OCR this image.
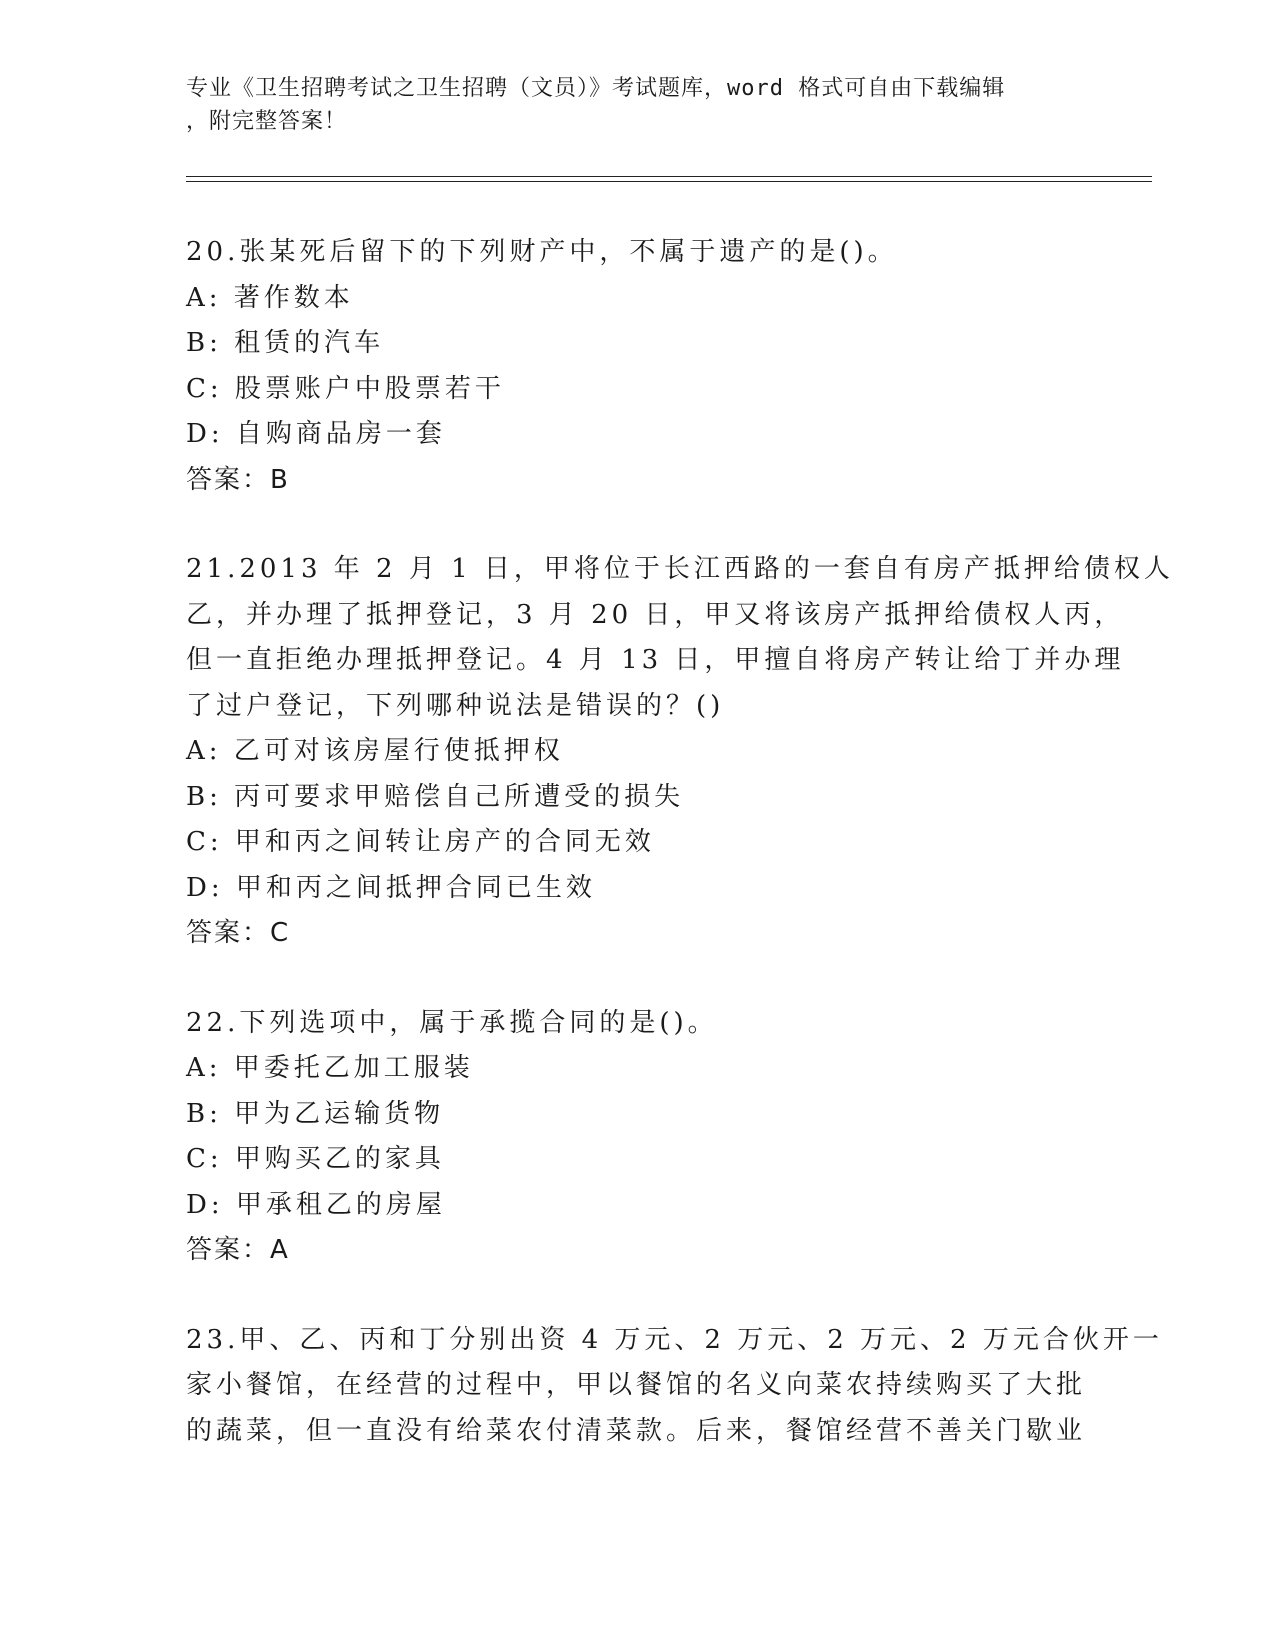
专业《卫生招聘考试之卫生招聘（文员）》考试题库，word 格式可自由下载编辑
，附完整答案！
20.张某死后留下的下列财产中，不属于遗产的是()。
A: 著作数本
B: 租赁的汽车
C: 股票账户中股票若干
D: 自购商品房一套
答案：B
21.2013 年 2 月 1 日，甲将位于长江西路的一套自有房产抵押给债权人
乙，并办理了抵押登记，3 月 20 日，甲又将该房产抵押给债权人丙，
但一直拒绝办理抵押登记。4 月 13 日，甲擅自将房产转让给丁并办理
了过户登记，下列哪种说法是错误的？()
A: 乙可对该房屋行使抵押权
B: 丙可要求甲赔偿自己所遭受的损失
C: 甲和丙之间转让房产的合同无效
D: 甲和丙之间抵押合同已生效
答案：C
22.下列选项中，属于承揽合同的是()。
A: 甲委托乙加工服装
B: 甲为乙运输货物
C: 甲购买乙的家具
D: 甲承租乙的房屋
答案：A
23.甲、乙、丙和丁分别出资 4 万元、2 万元、2 万元、2 万元合伙开一
家小餐馆，在经营的过程中，甲以餐馆的名义向菜农持续购买了大批
的蔬菜，但一直没有给菜农付清菜款。后来，餐馆经营不善关门歇业
